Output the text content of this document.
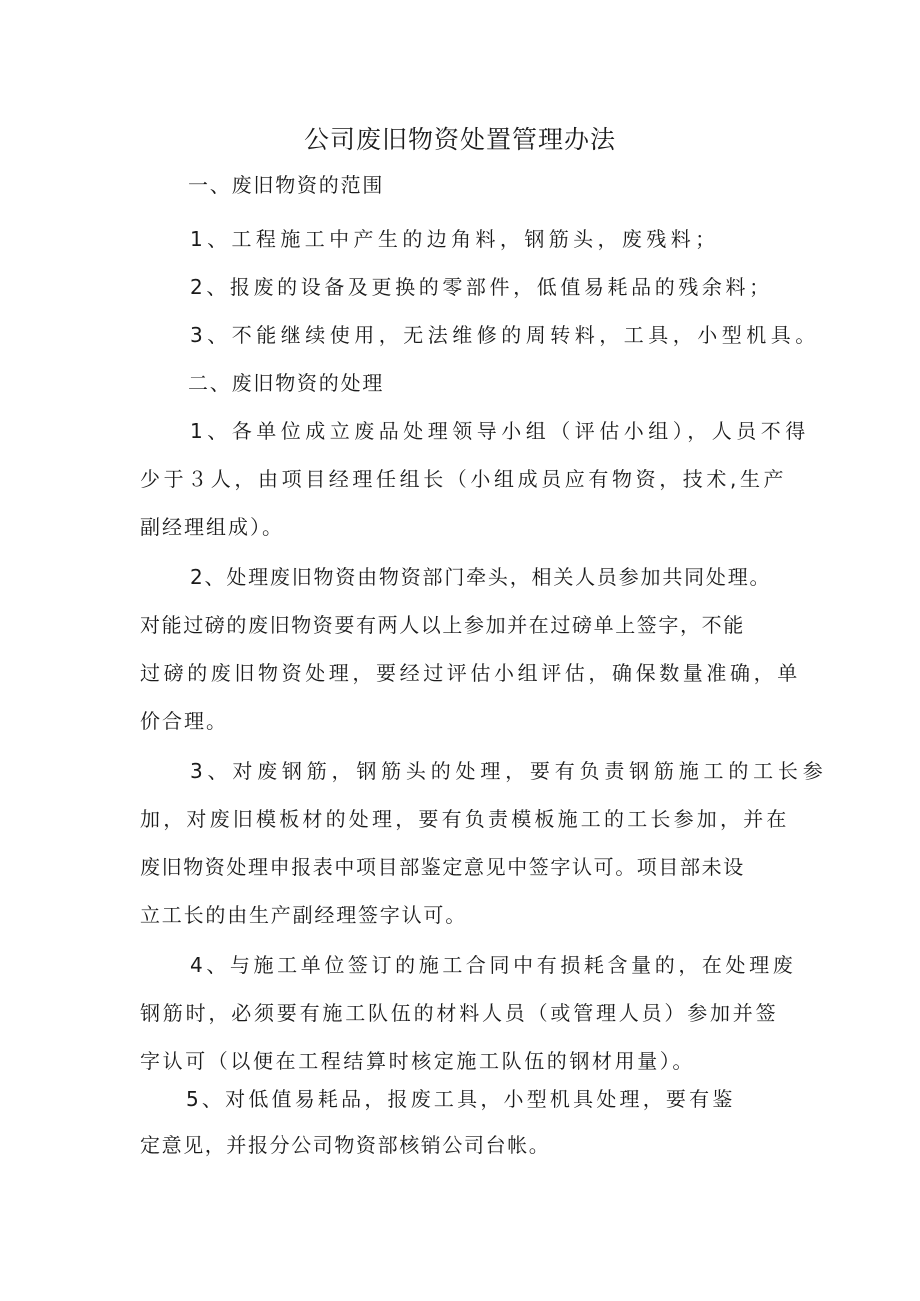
公司废旧物资处置管理办法
一、废旧物资的范围
1、工程施工中产生的边角料，钢筋头，废残料；
2、报废的设备及更换的零部件，低值易耗品的残余料；
3、不能继续使用，无法维修的周转料，工具，小型机具。
二、废旧物资的处理
1、各单位成立废品处理领导小组（评估小组），人员不得
少于３人，由项目经理任组长（小组成员应有物资，技术,生产
副经理组成）。
2、处理废旧物资由物资部门牵头，相关人员参加共同处理。
对能过磅的废旧物资要有两人以上参加并在过磅单上签字，不能
过磅的废旧物资处理，要经过评估小组评估，确保数量准确，单
价合理。
3、对废钢筋，钢筋头的处理，要有负责钢筋施工的工长参
加，对废旧模板材的处理，要有负责模板施工的工长参加，并在
废旧物资处理申报表中项目部鉴定意见中签字认可。项目部未设
立工长的由生产副经理签字认可。
4、与施工单位签订的施工合同中有损耗含量的，在处理废
钢筋时，必须要有施工队伍的材料人员（或管理人员）参加并签
字认可（以便在工程结算时核定施工队伍的钢材用量）。
5、对低值易耗品，报废工具，小型机具处理，要有鉴
定意见，并报分公司物资部核销公司台帐。
